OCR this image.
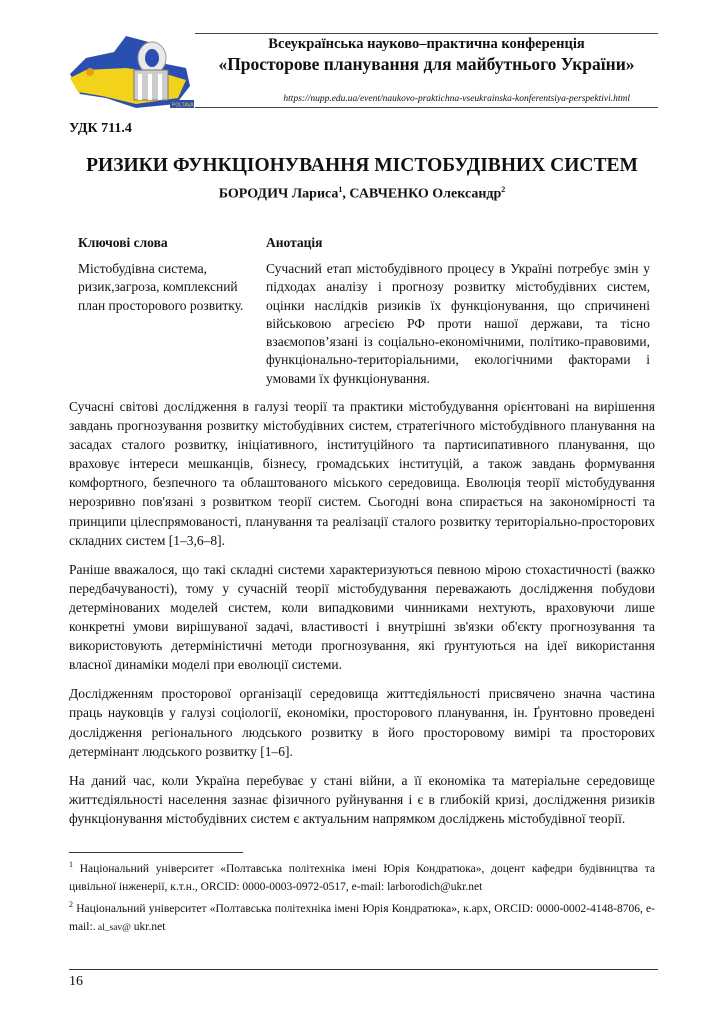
POLTAVA
Всеукраїнська науково–практична конференція
«Просторове планування для майбутнього України»
https://nupp.edu.ua/event/naukovo-praktichna-vseukrainska-konferentsiya-perspektivi.html
УДК 711.4
РИЗИКИ ФУНКЦІОНУВАННЯ МІСТОБУДІВНИХ СИСТЕМ
БОРОДИЧ Лариса$^1$, САВЧЕНКО Олександр$^2$
Ключові слова	Анотація
Містобудівна система, ризик,загроза, комплексний план просторового розвитку.
Сучасний етап містобудівного процесу в Україні потребує змін у підходах аналізу і прогнозу розвитку містобудівних систем, оцінки наслідків ризиків їх функціонування, що спричинені військовою агресією РФ проти нашої держави, та тісно взаємопов’язані із соціально-економічними, політико-правовими, функціонально-територіальними, екологічними факторами і умовами їх функціонування.

Сучасні світові дослідження в галузі теорії та практики містобудування орієнтовані на вирішення завдань прогнозування розвитку містобудівних систем, стратегічного містобудівного планування на засадах сталого розвитку, ініціативного, інституційного та партисипативного планування, що враховує інтереси мешканців, бізнесу, громадських інституцій, а також завдань формування комфортного, безпечного та облаштованого міського середовища. Еволюція теорії містобудування нерозривно пов'язані з розвитком теорії систем. Сьогодні вона спирається на закономірності та принципи цілеспрямованості, планування та реалізації сталого розвитку територіально-просторових складних систем [1–3,6–8].

Раніше вважалося, що такі складні системи характеризуються певною мірою стохастичності (важко передбачуваності), тому у сучасній теорії містобудування переважають дослідження побудови детермінованих моделей систем, коли випадковими чинниками нехтують, враховуючи лише конкретні умови вирішуваної задачі, властивості і внутрішні зв'язки об'єкту прогнозування та використовують детерміністичні методи прогнозування, які ґрунтуються на ідеї використання власної динаміки моделі при еволюції системи.

Дослідженням просторової організації середовища життєдіяльності присвячено значна частина праць науковців у галузі соціології, економіки, просторового планування, ін. Ґрунтовно проведені дослідження регіонального людського розвитку в його просторовому вимірі та просторових детермінант людського розвитку [1–6].

На даний час, коли Україна перебуває у стані війни, а її економіка та матеріальне середовище життєдіяльності населення зазнає фізичного руйнування і є в глибокій кризі, дослідження ризиків функціонування містобудівних систем є актуальним напрямком досліджень містобудівної теорії.

$^1$ Національний університет «Полтавська політехніка імені Юрія Кондратюка», доцент кафедри будівництва та цивільної інженерії, к.т.н., ORCID: 0000-0003-0972-0517, e-mail: larborodich@ukr.net
$^2$ Національний університет «Полтавська політехніка імені Юрія Кондратюка», к.арх, ORCID: 0000-0002-4148-8706, e-mail:. al_sav@ ukr.net
16
